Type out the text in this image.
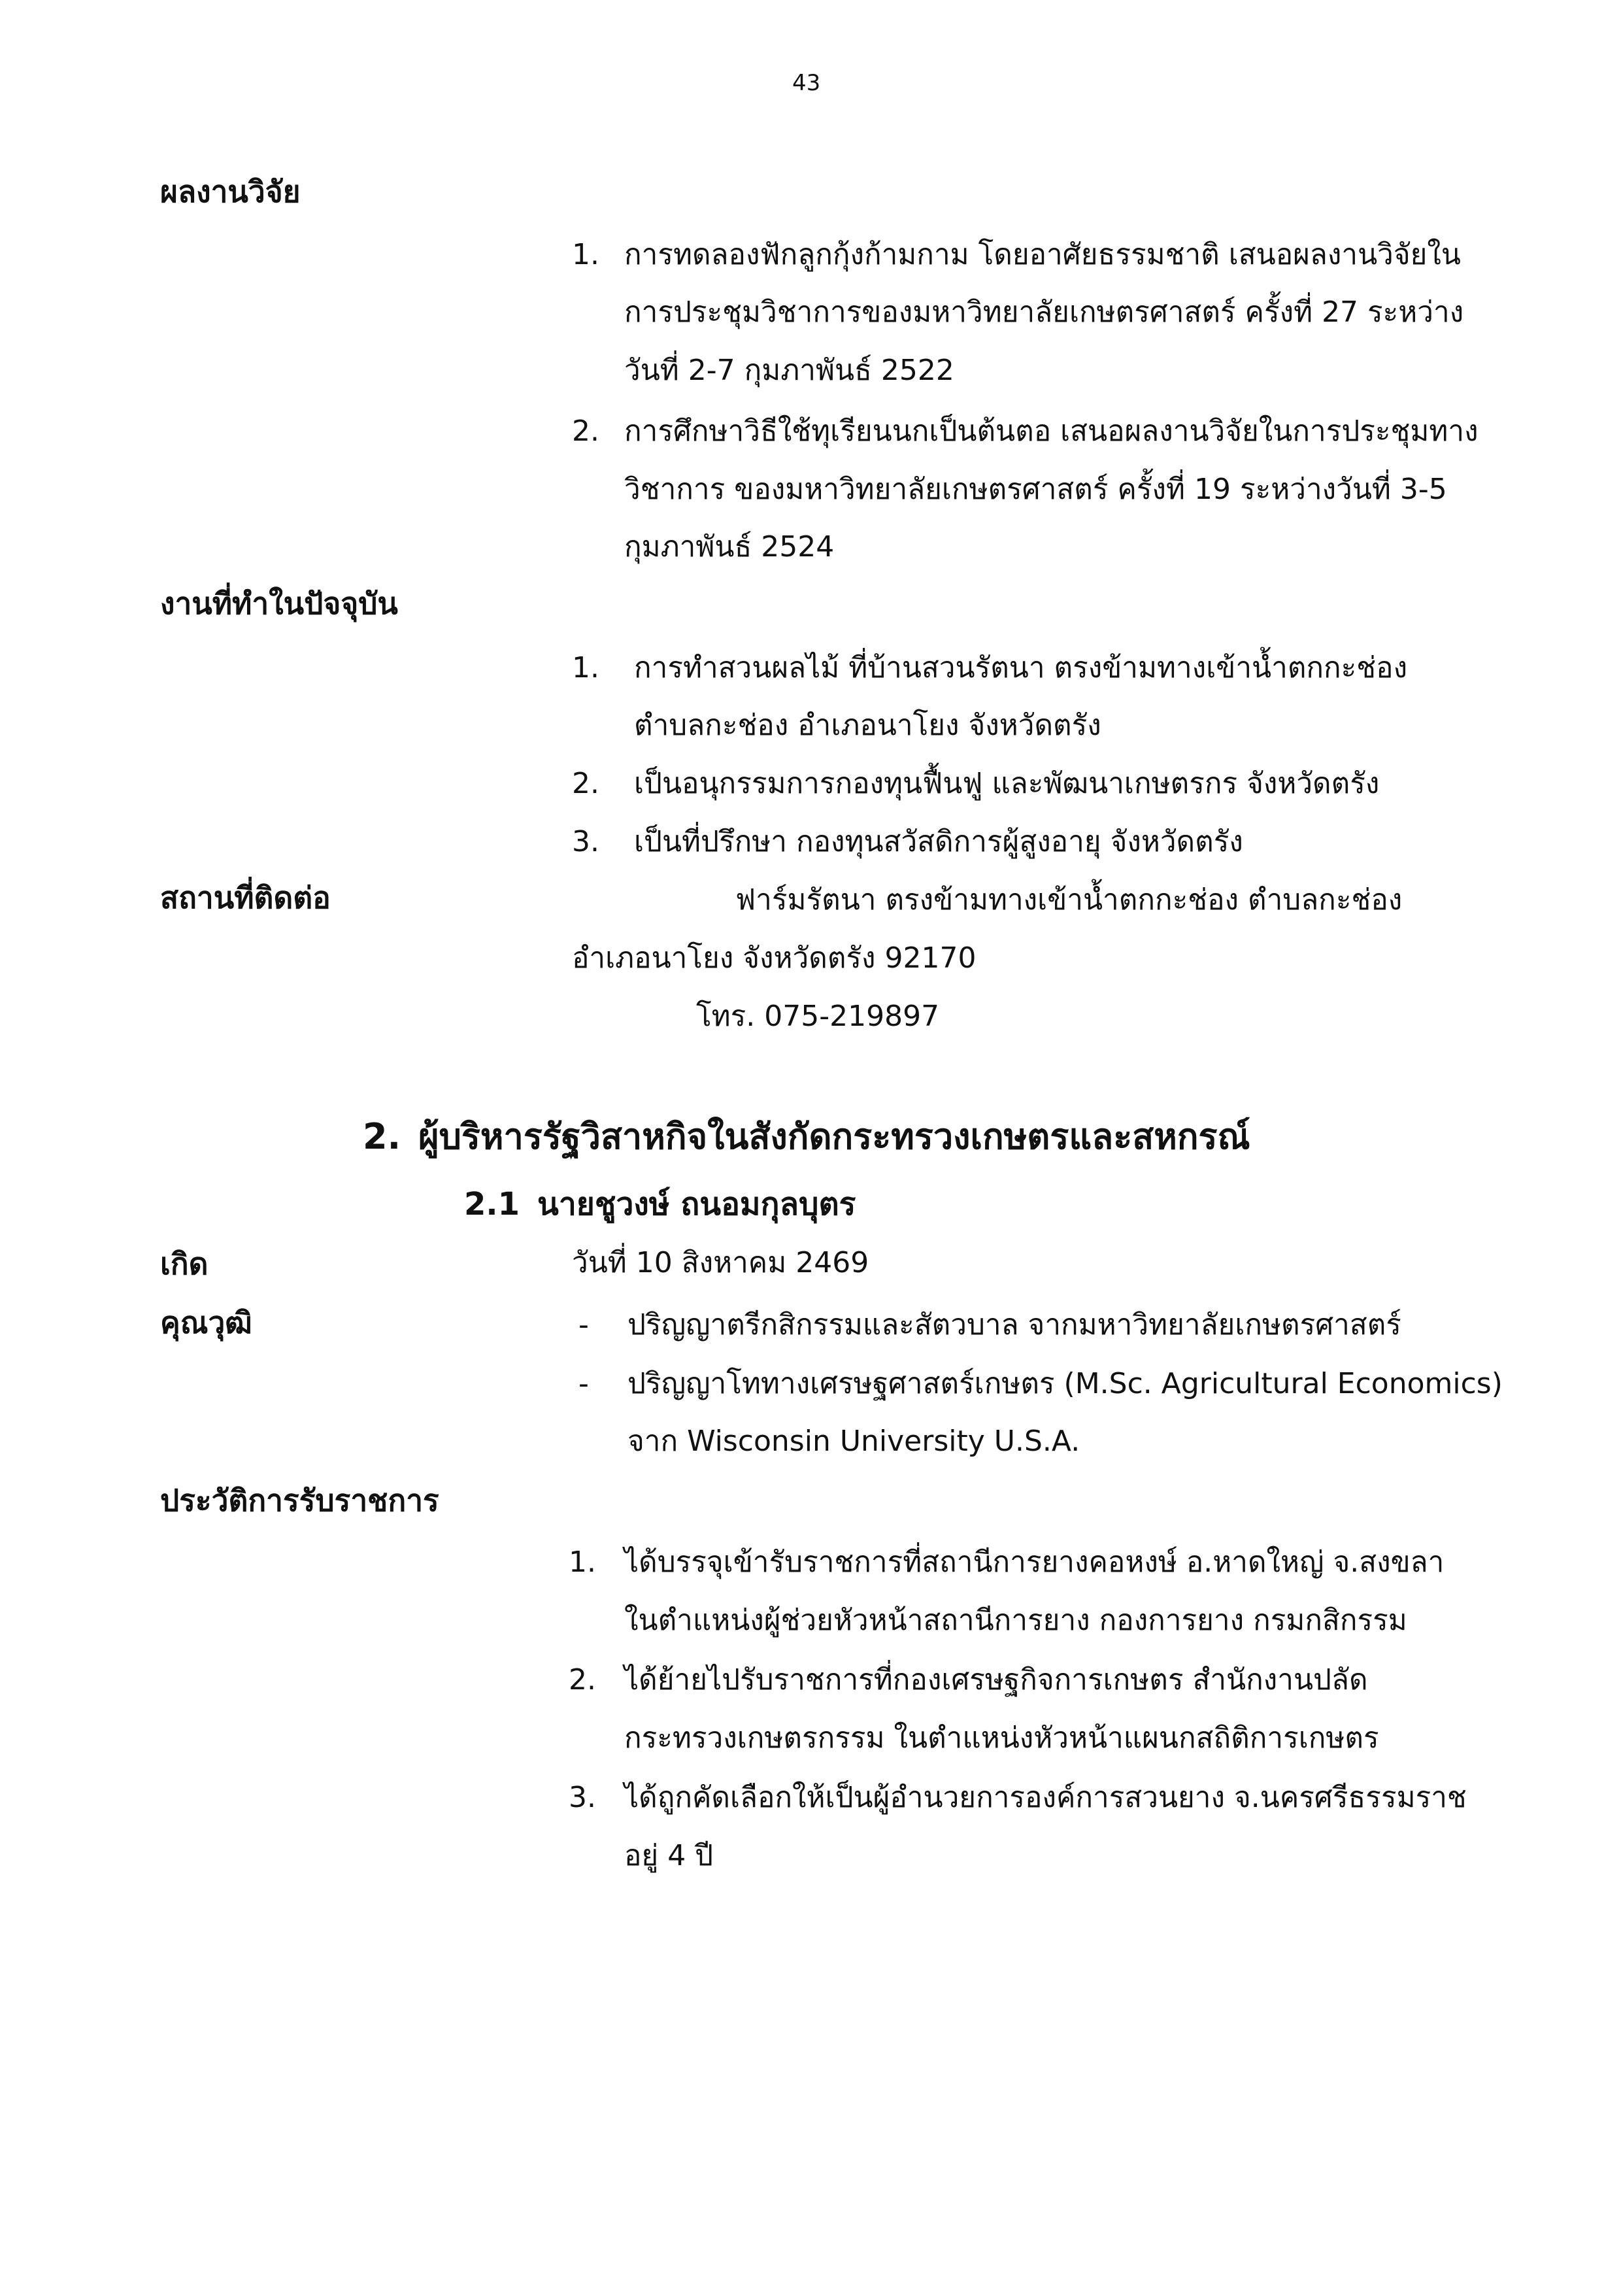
43
ผลงานวิจัย
1. การทดลองฟักลูกกุ้งก้ามกาม โดยอาศัยธรรมชาติ เสนอผลงานวิจัยใน
การประชุมวิชาการของมหาวิทยาลัยเกษตรศาสตร์ ครั้งที่ 27 ระหว่าง
วันที่ 2-7 กุมภาพันธ์ 2522
2. การศึกษาวิธีใช้ทุเรียนนกเป็นต้นตอ เสนอผลงานวิจัยในการประชุมทาง
วิชาการ ของมหาวิทยาลัยเกษตรศาสตร์ ครั้งที่ 19 ระหว่างวันที่ 3-5
กุมภาพันธ์ 2524
งานที่ทำในปัจจุบัน
1. การทำสวนผลไม้ ที่บ้านสวนรัตนา ตรงข้ามทางเข้าน้ำตกกะช่อง
ตำบลกะช่อง อำเภอนาโยง จังหวัดตรัง
2. เป็นอนุกรรมการกองทุนฟื้นฟู และพัฒนาเกษตรกร จังหวัดตรัง
3. เป็นที่ปรึกษา กองทุนสวัสดิการผู้สูงอายุ จังหวัดตรัง
สถานที่ติดต่อ	ฟาร์มรัตนา ตรงข้ามทางเข้าน้ำตกกะช่อง ตำบลกะช่อง
อำเภอนาโยง จังหวัดตรัง 92170
โทร. 075-219897
2. ผู้บริหารรัฐวิสาหกิจในสังกัดกระทรวงเกษตรและสหกรณ์
2.1 นายชูวงษ์ ถนอมกุลบุตร
เกิด	วันที่ 10 สิงหาคม 2469
คุณวุฒิ	- ปริญญาตรีกสิกรรมและสัตวบาล จากมหาวิทยาลัยเกษตรศาสตร์
- ปริญญาโททางเศรษฐศาสตร์เกษตร (M.Sc. Agricultural Economics)
จาก Wisconsin University U.S.A.
ประวัติการรับราชการ
1. ได้บรรจุเข้ารับราชการที่สถานีการยางคอหงษ์ อ.หาดใหญ่ จ.สงขลา
ในตำแหน่งผู้ช่วยหัวหน้าสถานีการยาง กองการยาง กรมกสิกรรม
2. ได้ย้ายไปรับราชการที่กองเศรษฐกิจการเกษตร สำนักงานปลัด
กระทรวงเกษตรกรรม ในตำแหน่งหัวหน้าแผนกสถิติการเกษตร
3. ได้ถูกคัดเลือกให้เป็นผู้อำนวยการองค์การสวนยาง จ.นครศรีธรรมราช
อยู่ 4 ปี
